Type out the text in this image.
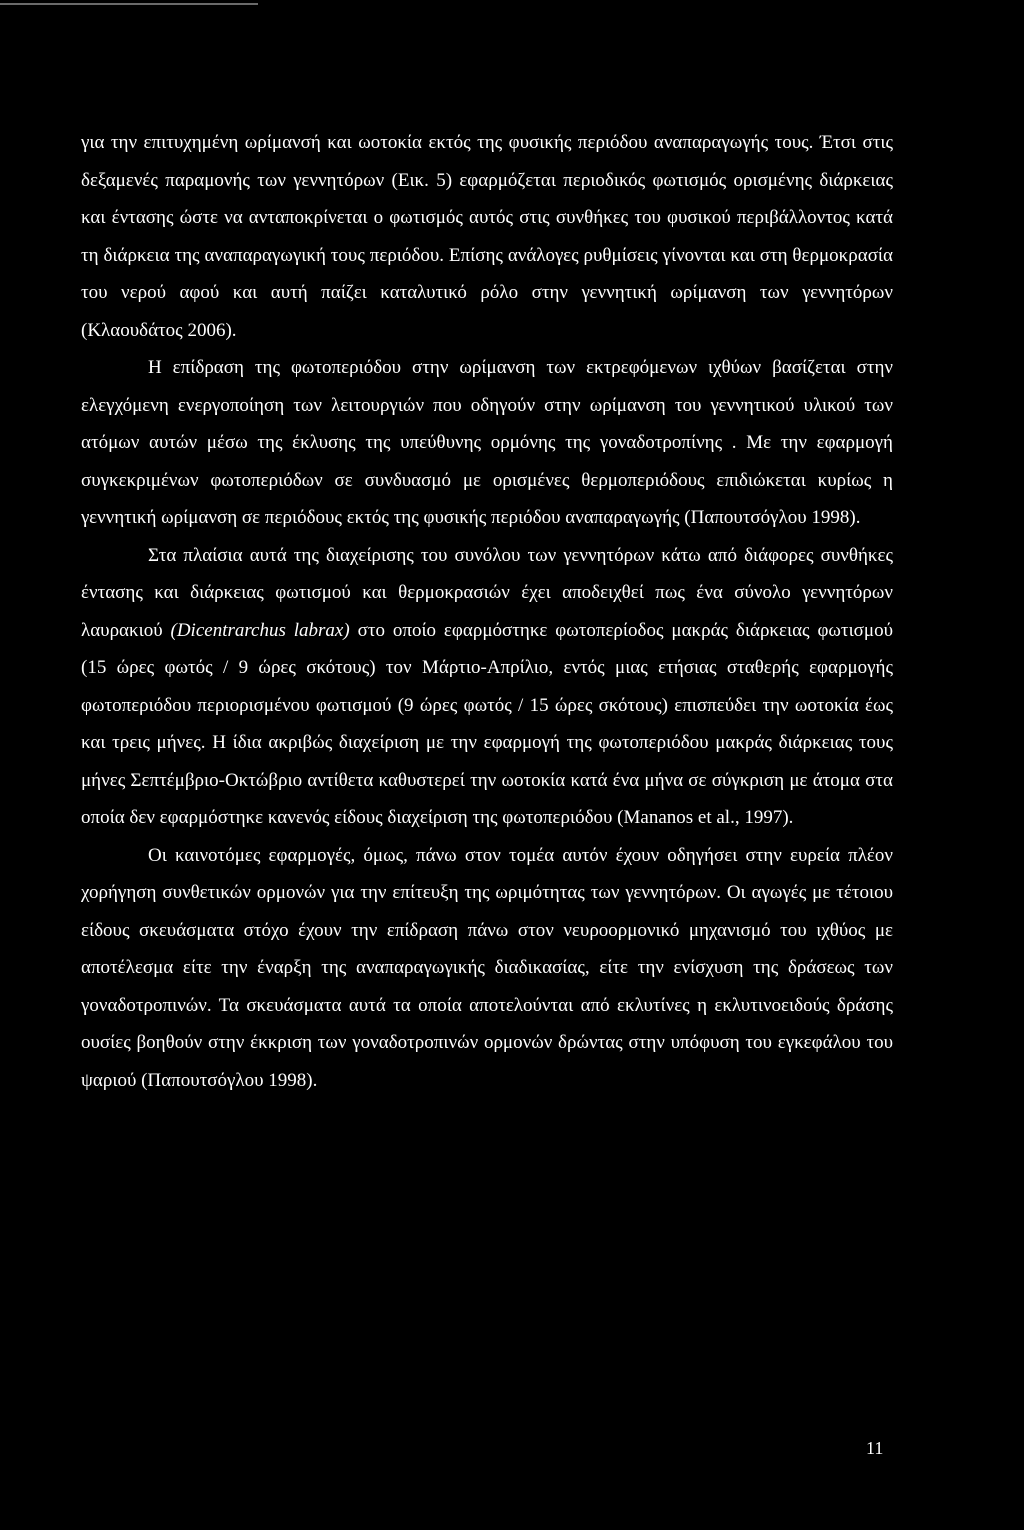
για την επιτυχημένη ωρίμανσή και ωοτοκία εκτός της φυσικής περιόδου αναπαραγωγής τους. Έτσι στις δεξαμενές παραμονής των γεννητόρων (Εικ. 5) εφαρμόζεται περιοδικός φωτισμός ορισμένης διάρκειας και έντασης ώστε να ανταποκρίνεται ο φωτισμός αυτός στις συνθήκες του φυσικού περιβάλλοντος κατά τη διάρκεια της αναπαραγωγική τους περιόδου. Επίσης ανάλογες ρυθμίσεις γίνονται και στη θερμοκρασία του νερού αφού και αυτή παίζει καταλυτικό ρόλο στην γεννητική ωρίμανση των γεννητόρων (Κλαουδάτος 2006).

Η επίδραση της φωτοπεριόδου στην ωρίμανση των εκτρεφόμενων ιχθύων βασίζεται στην ελεγχόμενη ενεργοποίηση των λειτουργιών που οδηγούν στην ωρίμανση του γεννητικού υλικού των ατόμων αυτών μέσω της έκλυσης της υπεύθυνης ορμόνης της γοναδοτροπίνης . Με την εφαρμογή συγκεκριμένων φωτοπεριόδων σε συνδυασμό με ορισμένες θερμοπεριόδους επιδιώκεται κυρίως η γεννητική ωρίμανση σε περιόδους εκτός της φυσικής περιόδου αναπαραγωγής (Παπουτσόγλου 1998).

Στα πλαίσια αυτά της διαχείρισης του συνόλου των γεννητόρων κάτω από διάφορες συνθήκες έντασης και διάρκειας φωτισμού και θερμοκρασιών έχει αποδειχθεί πως ένα σύνολο γεννητόρων λαυρακιού (Dicentrarchus labrax) στο οποίο εφαρμόστηκε φωτοπερίοδος μακράς διάρκειας φωτισμού (15 ώρες φωτός / 9 ώρες σκότους) τον Μάρτιο-Απρίλιο, εντός μιας ετήσιας σταθερής εφαρμογής φωτοπεριόδου περιορισμένου φωτισμού (9 ώρες φωτός / 15 ώρες σκότους) επισπεύδει την ωοτοκία έως και τρεις μήνες. Η ίδια ακριβώς διαχείριση με την εφαρμογή της φωτοπεριόδου μακράς διάρκειας τους μήνες Σεπτέμβριο-Οκτώβριο αντίθετα καθυστερεί την ωοτοκία κατά ένα μήνα σε σύγκριση με άτομα στα οποία δεν εφαρμόστηκε κανενός είδους διαχείριση της φωτοπεριόδου (Mananos et al., 1997).

Οι καινοτόμες εφαρμογές, όμως, πάνω στον τομέα αυτόν έχουν οδηγήσει στην ευρεία πλέον χορήγηση συνθετικών ορμονών για την επίτευξη της ωριμότητας των γεννητόρων. Οι αγωγές με τέτοιου είδους σκευάσματα στόχο έχουν την επίδραση πάνω στον νευροορμονικό μηχανισμό του ιχθύος με αποτέλεσμα είτε την έναρξη της αναπαραγωγικής διαδικασίας, είτε την ενίσχυση της δράσεως των γοναδοτροπινών. Τα σκευάσματα αυτά τα οποία αποτελούνται από εκλυτίνες η εκλυτινοειδούς δράσης ουσίες βοηθούν στην έκκριση των γοναδοτροπινών ορμονών δρώντας στην υπόφυση του εγκεφάλου του ψαριού (Παπουτσόγλου 1998).

11
